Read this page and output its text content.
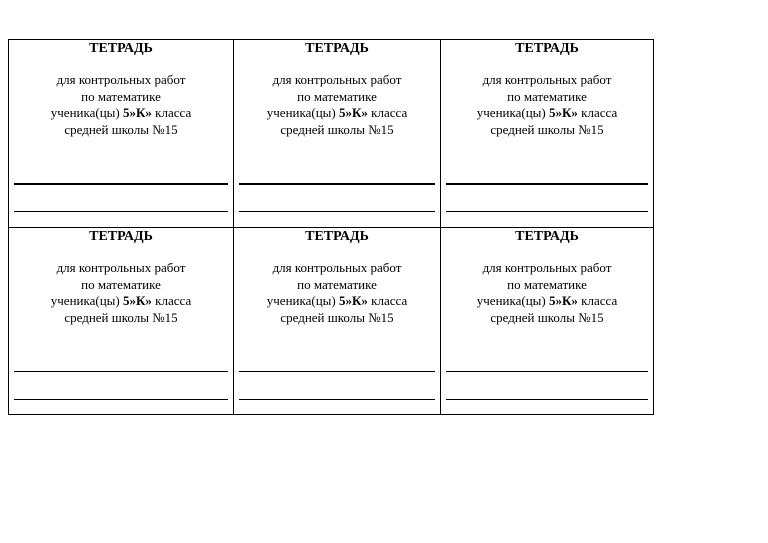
ТЕТРАДЬ
для контрольных работ
по математике
ученика(цы) 5»К» класса
средней школы №15
ТЕТРАДЬ
для контрольных работ
по математике
ученика(цы) 5»К» класса
средней школы №15
ТЕТРАДЬ
для контрольных работ
по математике
ученика(цы) 5»К» класса
средней школы №15
ТЕТРАДЬ
для контрольных работ
по математике
ученика(цы) 5»К» класса
средней школы №15
ТЕТРАДЬ
для контрольных работ
по математике
ученика(цы) 5»К» класса
средней школы №15
ТЕТРАДЬ
для контрольных работ
по математике
ученика(цы) 5»К» класса
средней школы №15
